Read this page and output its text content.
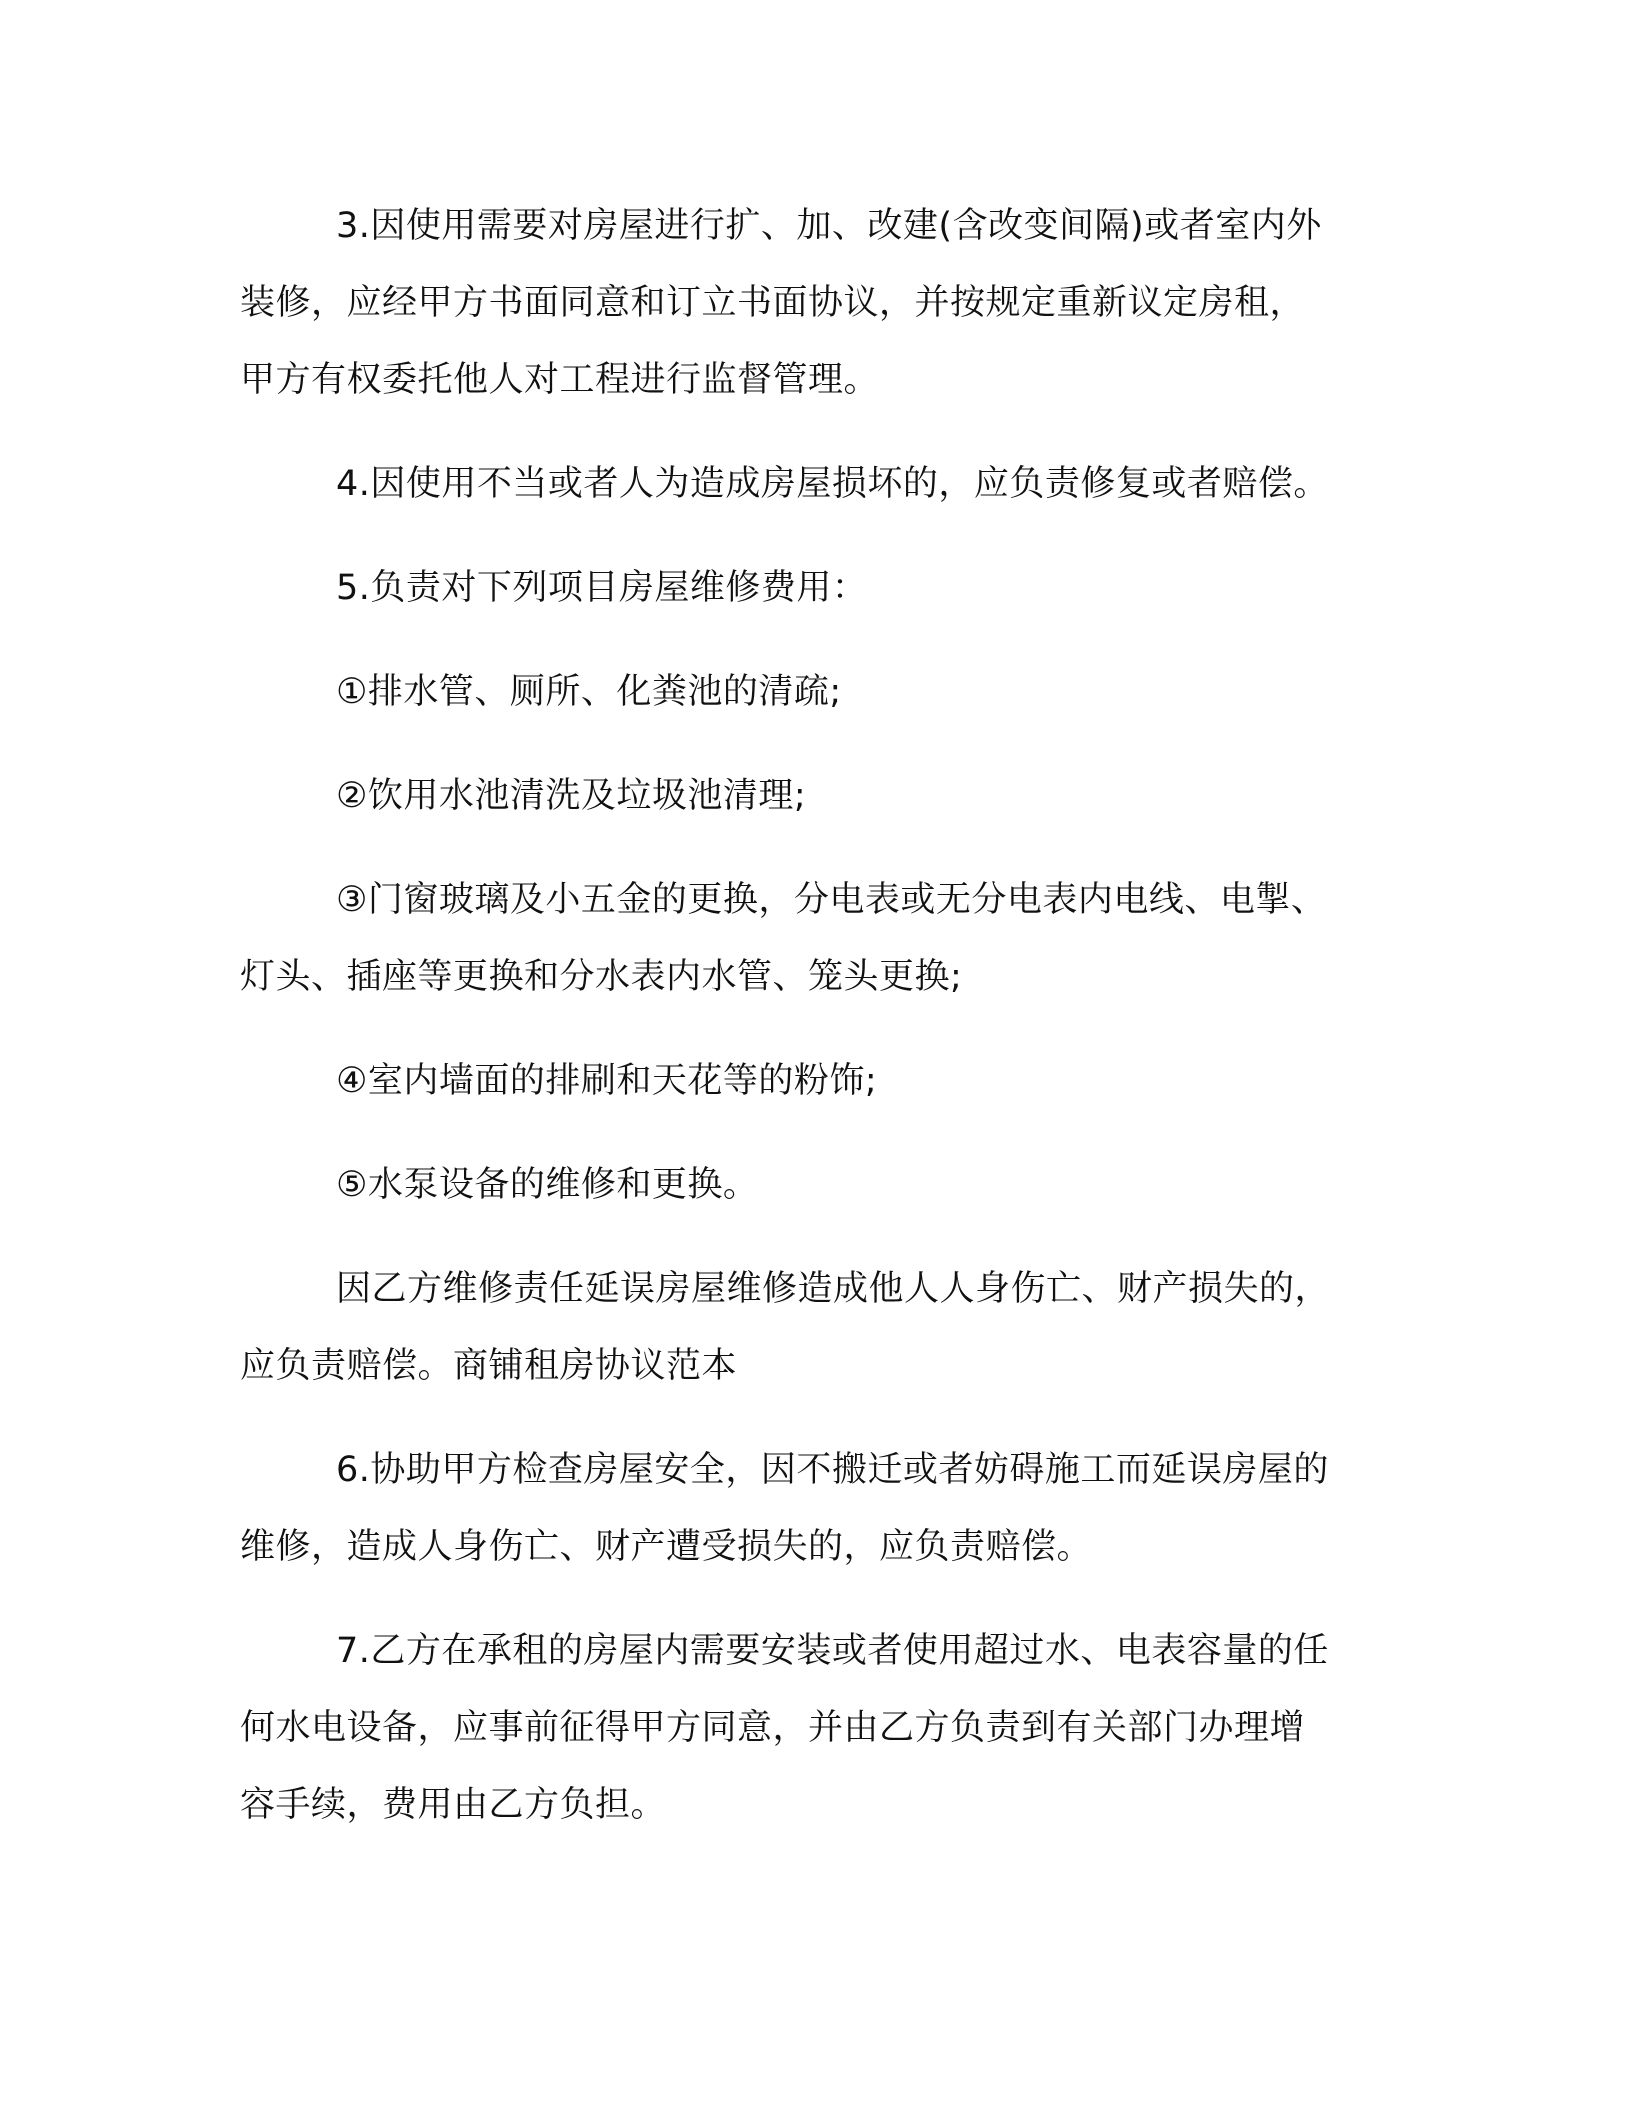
3.因使用需要对房屋进行扩、加、改建(含改变间隔)或者室内外
装修，应经甲方书面同意和订立书面协议，并按规定重新议定房租，
甲方有权委托他人对工程进行监督管理。

4.因使用不当或者人为造成房屋损坏的，应负责修复或者赔偿。

5.负责对下列项目房屋维修费用：

①排水管、厕所、化粪池的清疏;

②饮用水池清洗及垃圾池清理;

③门窗玻璃及小五金的更换，分电表或无分电表内电线、电掣、
灯头、插座等更换和分水表内水管、笼头更换;

④室内墙面的排刷和天花等的粉饰;

⑤水泵设备的维修和更换。

因乙方维修责任延误房屋维修造成他人人身伤亡、财产损失的，
应负责赔偿。商铺租房协议范本

6.协助甲方检查房屋安全，因不搬迁或者妨碍施工而延误房屋的
维修，造成人身伤亡、财产遭受损失的，应负责赔偿。

7.乙方在承租的房屋内需要安装或者使用超过水、电表容量的任
何水电设备，应事前征得甲方同意，并由乙方负责到有关部门办理增
容手续，费用由乙方负担。
